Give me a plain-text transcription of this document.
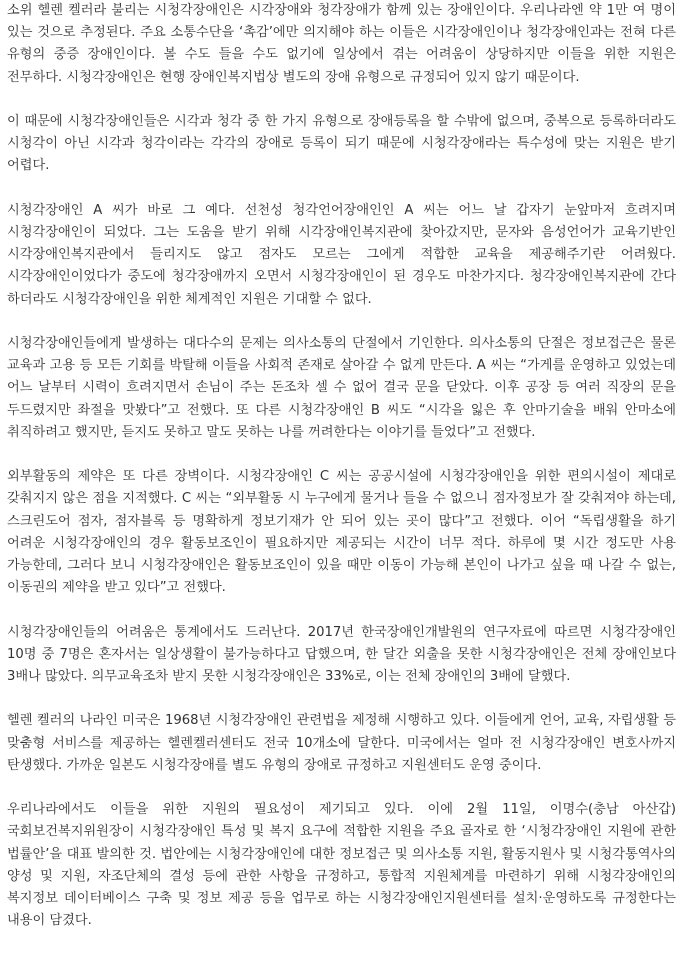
소위 헬렌 켈러라 불리는 시청각장애인은 시각장애와 청각장애가 함께 있는 장애인이다. 우리나라엔 약 1만 여 명이 있는 것으로 추정된다. 주요 소통수단을 ‘촉감’에만 의지해야 하는 이들은 시각장애인이나 청각장애인과는 전혀 다른 유형의 중증 장애인이다. 볼 수도 들을 수도 없기에 일상에서 겪는 어려움이 상당하지만 이들을 위한 지원은 전무하다. 시청각장애인은 현행 장애인복지법상 별도의 장애 유형으로 규정되어 있지 않기 때문이다.

이 때문에 시청각장애인들은 시각과 청각 중 한 가지 유형으로 장애등록을 할 수밖에 없으며, 중복으로 등록하더라도 시청각이 아닌 시각과 청각이라는 각각의 장애로 등록이 되기 때문에 시청각장애라는 특수성에 맞는 지원은 받기 어렵다.

시청각장애인 A 씨가 바로 그 예다. 선천성 청각언어장애인인 A 씨는 어느 날 갑자기 눈앞마저 흐려지며 시청각장애인이 되었다. 그는 도움을 받기 위해 시각장애인복지관에 찾아갔지만, 문자와 음성언어가 교육기반인 시각장애인복지관에서 들리지도 않고 점자도 모르는 그에게 적합한 교육을 제공해주기란 어려웠다. 시각장애인이었다가 중도에 청각장애까지 오면서 시청각장애인이 된 경우도 마찬가지다. 청각장애인복지관에 간다 하더라도 시청각장애인을 위한 체계적인 지원은 기대할 수 없다.

시청각장애인들에게 발생하는 대다수의 문제는 의사소통의 단절에서 기인한다. 의사소통의 단절은 정보접근은 물론 교육과 고용 등 모든 기회를 박탈해 이들을 사회적 존재로 살아갈 수 없게 만든다. A 씨는 “가게를 운영하고 있었는데 어느 날부터 시력이 흐려지면서 손님이 주는 돈조차 셀 수 없어 결국 문을 닫았다. 이후 공장 등 여러 직장의 문을 두드렸지만 좌절을 맛봤다”고 전했다. 또 다른 시청각장애인 B 씨도 “시각을 잃은 후 안마기술을 배워 안마소에 취직하려고 했지만, 듣지도 못하고 말도 못하는 나를 꺼려한다는 이야기를 들었다”고 전했다.

외부활동의 제약은 또 다른 장벽이다. 시청각장애인 C 씨는 공공시설에 시청각장애인을 위한 편의시설이 제대로 갖춰지지 않은 점을 지적했다. C 씨는 “외부활동 시 누구에게 물거나 들을 수 없으니 점자정보가 잘 갖춰져야 하는데, 스크린도어 점자, 점자블록 등 명확하게 정보기재가 안 되어 있는 곳이 많다”고 전했다. 이어 “독립생활을 하기 어려운 시청각장애인의 경우 활동보조인이 필요하지만 제공되는 시간이 너무 적다. 하루에 몇 시간 정도만 사용 가능한데, 그러다 보니 시청각장애인은 활동보조인이 있을 때만 이동이 가능해 본인이 나가고 싶을 때 나갈 수 없는, 이동권의 제약을 받고 있다”고 전했다.

시청각장애인들의 어려움은 통계에서도 드러난다. 2017년 한국장애인개발원의 연구자료에 따르면 시청각장애인 10명 중 7명은 혼자서는 일상생활이 불가능하다고 답했으며, 한 달간 외출을 못한 시청각장애인은 전체 장애인보다 3배나 많았다. 의무교육조차 받지 못한 시청각장애인은 33%로, 이는 전체 장애인의 3배에 달했다.

헬렌 켈러의 나라인 미국은 1968년 시청각장애인 관련법을 제정해 시행하고 있다. 이들에게 언어, 교육, 자립생활 등 맞춤형 서비스를 제공하는 헬렌켈러센터도 전국 10개소에 달한다. 미국에서는 얼마 전 시청각장애인 변호사까지 탄생했다. 가까운 일본도 시청각장애를 별도 유형의 장애로 규정하고 지원센터도 운영 중이다.

우리나라에서도 이들을 위한 지원의 필요성이 제기되고 있다. 이에 2월 11일, 이명수(충남 아산갑) 국회보건복지위원장이 시청각장애인 특성 및 복지 요구에 적합한 지원을 주요 골자로 한 ‘시청각장애인 지원에 관한 법률안’을 대표 발의한 것. 법안에는 시청각장애인에 대한 정보접근 및 의사소통 지원, 활동지원사 및 시청각통역사의 양성 및 지원, 자조단체의 결성 등에 관한 사항을 규정하고, 통합적 지원체계를 마련하기 위해 시청각장애인의 복지정보 데이터베이스 구축 및 정보 제공 등을 업무로 하는 시청각장애인지원센터를 설치·운영하도록 규정한다는 내용이 담겼다.
